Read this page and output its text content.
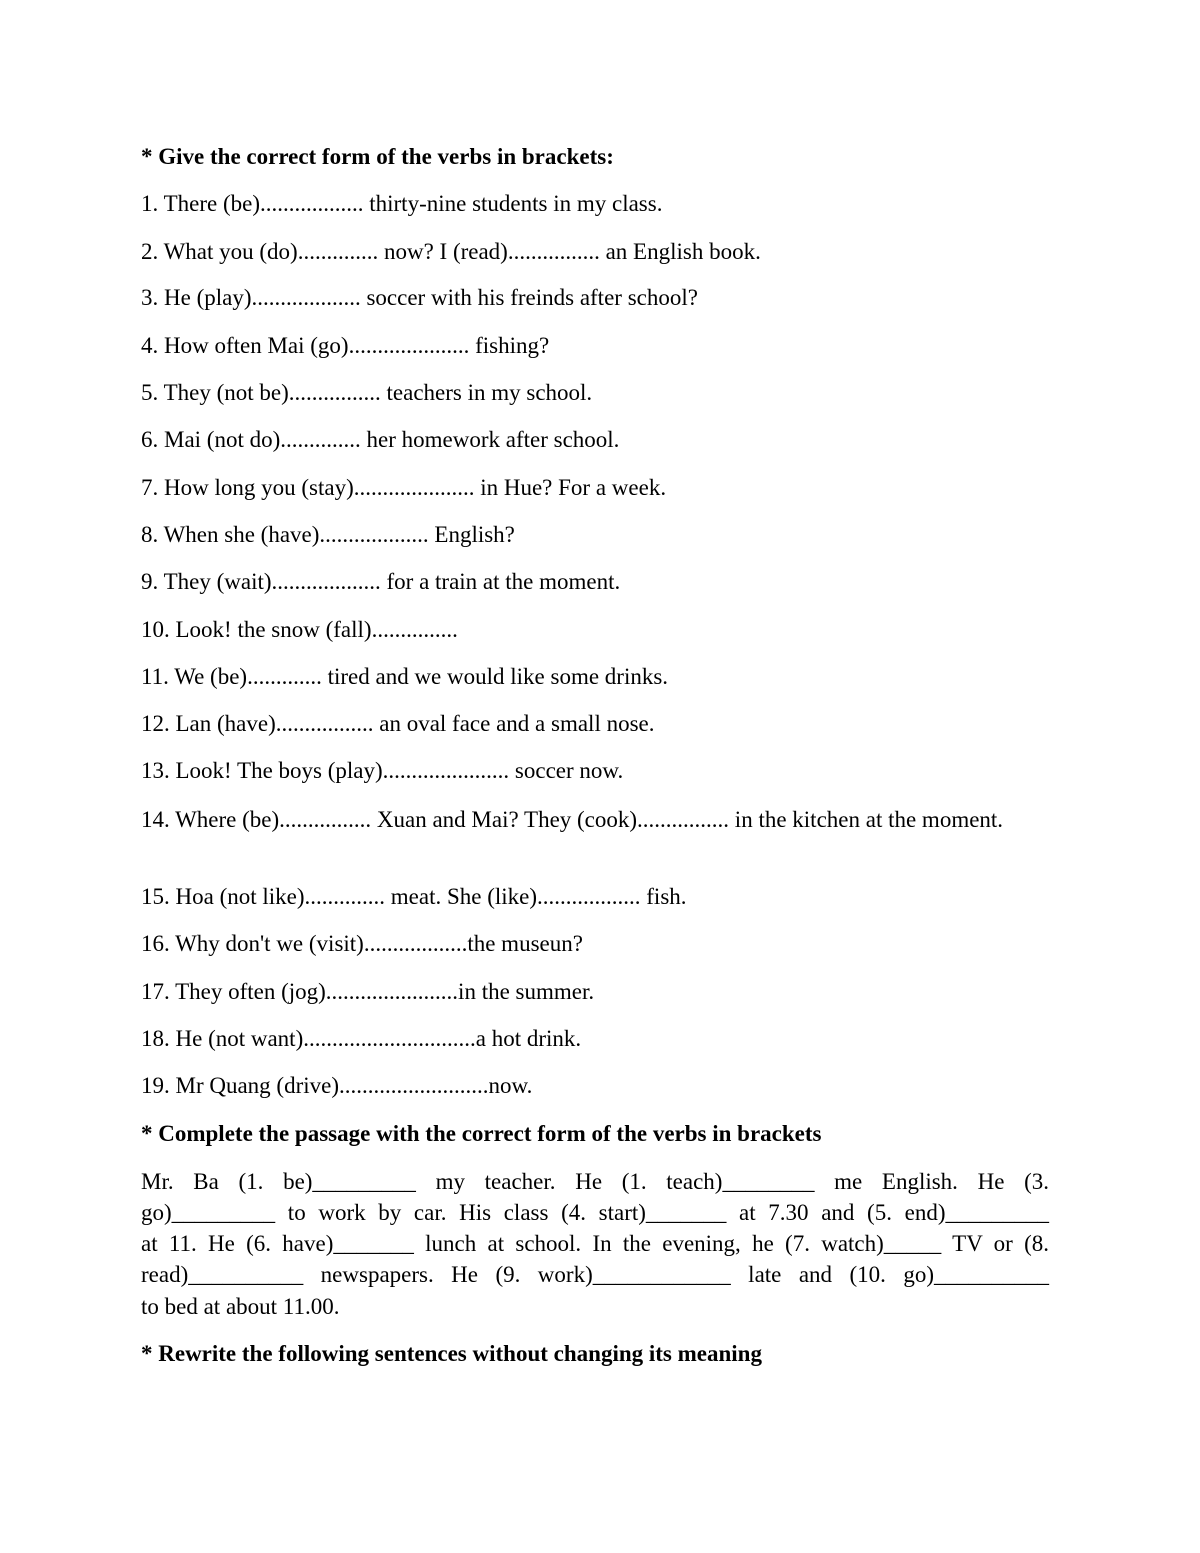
* Give the correct form of the verbs in brackets:
1. There (be).................. thirty-nine students in my class.
2. What you (do).............. now? I (read)................ an English book.
3. He (play)................... soccer with his freinds after school?
4. How often Mai (go)..................... fishing?
5. They (not be)................ teachers in my school.
6. Mai (not do).............. her homework after school.
7. How long you (stay)..................... in Hue? For a week.
8. When she (have)................... English?
9. They (wait)................... for a train at the moment.
10. Look! the snow (fall)...............
11. We (be)............. tired and we would like some drinks.
12. Lan (have)................. an oval face and a small nose.
13. Look! The boys (play)...................... soccer now.
14. Where (be)................ Xuan and Mai? They (cook)................ in the kitchen at the moment.
15. Hoa (not like).............. meat. She (like).................. fish.
16. Why don't we (visit)..................the museun?
17. They often (jog).......................in the summer.
18. He (not want)..............................a hot drink.
19. Mr Quang (drive)..........................now.
* Complete the passage with the correct form of the verbs in brackets
Mr. Ba (1. be)_________ my teacher. He (1. teach)________ me English. He (3.
go)_________ to work by car. His class (4. start)_______ at 7.30 and (5. end)_________
at 11. He (6. have)_______ lunch at school. In the evening, he (7. watch)_____ TV or (8.
read)__________ newspapers. He (9. work)____________ late and (10. go)__________
to bed at about 11.00.
* Rewrite the following sentences without changing its meaning
